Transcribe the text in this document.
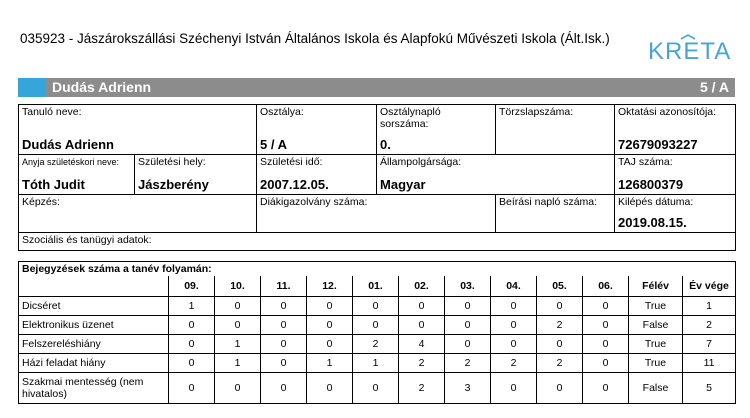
035923 - Jászárokszállási Széchenyi István Általános Iskola és Alapfokú Művészeti Iskola (Ált.Isk.) KRETA
Dudás Adrienn	5 / A
Tanuló neve:
Dudás Adrienn		Osztálya:
5 / A	Osztálynapló sorszáma:
0.	Törzslapszáma:	Oktatási azonosítója:
72679093227

Anyja születéskori neve:
Tóth Judit	Születési hely:
Jászberény	Születési idő:
2007.12.05.	Állampolgársága:
Magyar		TAJ száma:
126800379

Képzés:		Diákigazolvány száma:		Beírási napló száma:	Kilépés dátuma:
2019.08.15.

Szociális és tanügyi adatok:					
Bejegyzések száma a tanév folyamán:												
	09.	10.	11.	12.	01.	02.	03.	04.	05.	06.	Félév	Év vége
Dicséret	1	0	0	0	0	0	0	0	0	0	True	1
Elektronikus üzenet	0	0	0	0	0	0	0	0	2	0	False	2
Felszereléshiány	0	1	0	0	2	4	0	0	0	0	True	7
Házi feladat hiány	0	1	0	1	1	2	2	2	2	0	True	11
Szakmai mentesség (nem hivatalos)	0	0	0	0	0	2	3	0	0	0	False	5
